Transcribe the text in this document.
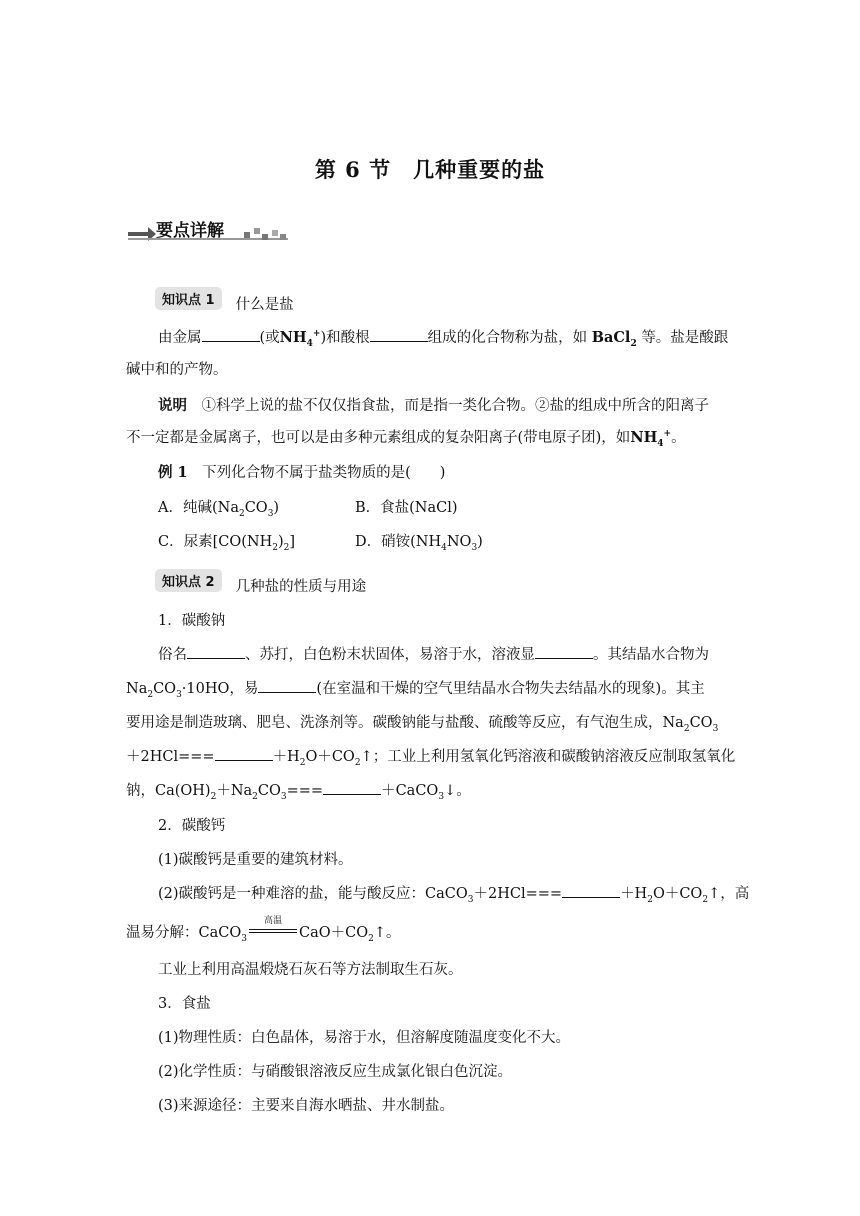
第 6 节　几种重要的盐
要点详解
知识点 1	什么是盐
由金属	(或$NH_4^+$)和酸根	组成的化合物称为盐，如 BaCl$_2$ 等。盐是酸跟
碱中和的产物。
说明　 ①科学上说的盐不仅仅指食盐，而是指一类化合物。②盐的组成中所含的阳离子
不一定都是金属离子，也可以是由多种元素组成的复杂阳离子(带电原子团)，如$NH_4^+$。
例 1　 下列化合物不属于盐类物质的是(　　)
A．纯碱$(Na_2CO_3)$	B．食盐(NaCl)
C．尿素$[CO(NH_2)_2]$	D．硝铵$(NH_4NO_3)$
知识点 2	几种盐的性质与用途
1．碳酸钠
俗名	、苏打，白色粉末状固体，易溶于水，溶液显	。其结晶水合物为
$Na_2CO_3\cdot 10HO$，易	(在室温和干燥的空气里结晶水合物失去结晶水的现象)。其主
要用途是制造玻璃、肥皂、洗涤剂等。碳酸钠能与盐酸、硫酸等反应，有气泡生成，$Na_2CO_3$
＋2HCl===	$+H_2O+CO_2↑$；工业上利用氢氧化钙溶液和碳酸钠溶液反应制取氢氧化
钠，$Ca(OH)_2+Na_2CO_3===$	＋CaCO$_3$↓。
2．碳酸钙
(1)碳酸钙是重要的建筑材料。
(2)碳酸钙是一种难溶的盐，能与酸反应：CaCO$_3$＋2HCl===	$+H_2O+CO_2↑$，高
温易分解：CaCO$_3$
高温
$CaO+CO_2↑$。
工业上利用高温煅烧石灰石等方法制取生石灰。
3．食盐
(1)物理性质：白色晶体，易溶于水，但溶解度随温度变化不大。
(2)化学性质：与硝酸银溶液反应生成氯化银白色沉淀。
(3)来源途径：主要来自海水晒盐、井水制盐。
